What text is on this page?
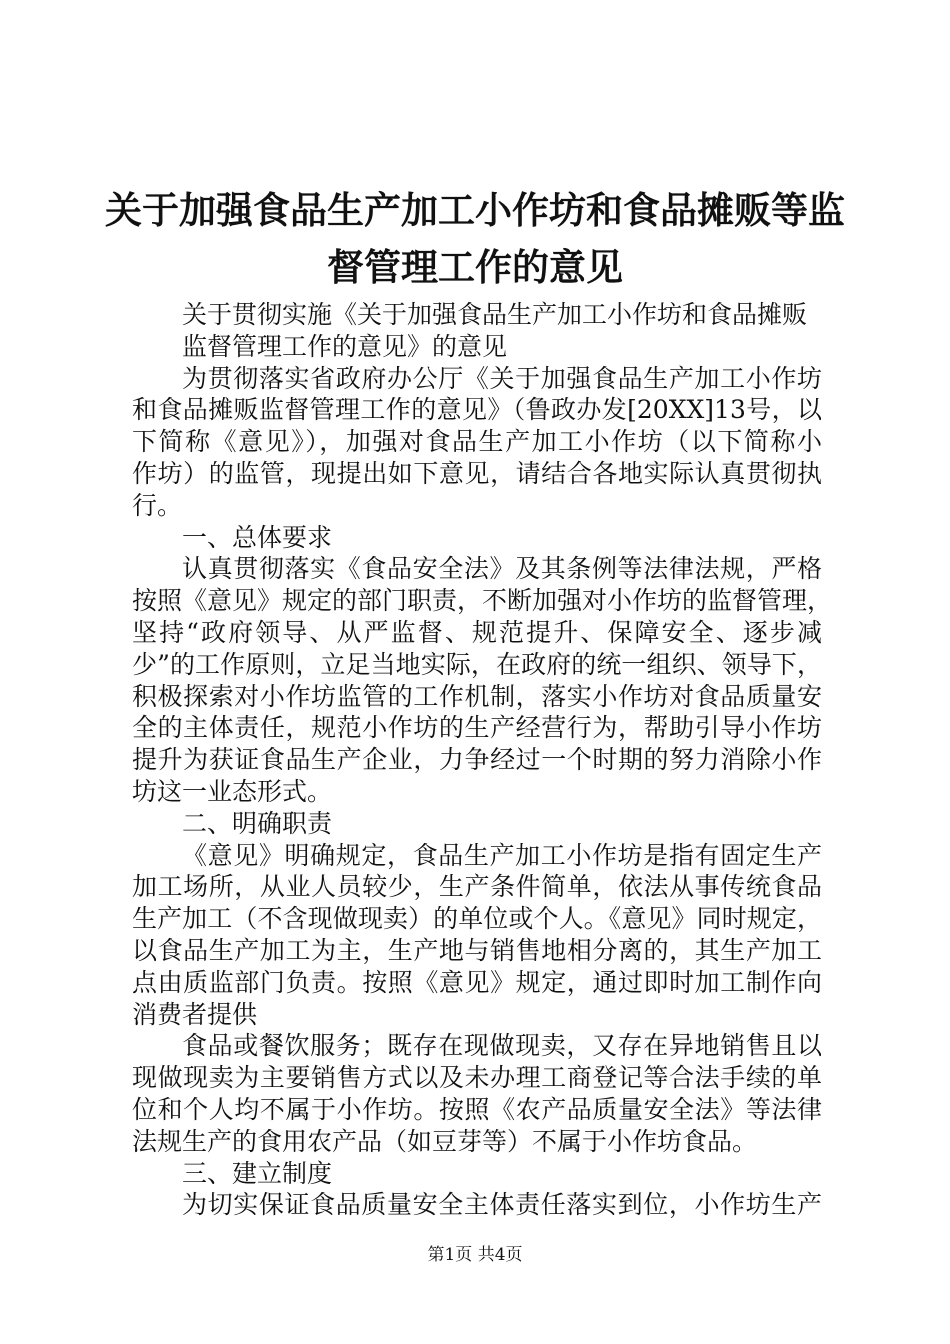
关于加强食品生产加工小作坊和食品摊贩等监
督管理工作的意见
关于贯彻实施《关于加强食品生产加工小作坊和食品摊贩
监督管理工作的意见》的意见
为贯彻落实省政府办公厅《关于加强食品生产加工小作坊
和食品摊贩监督管理工作的意见》（鲁政办发[20XX]13号，以
下简称《意见》），加强对食品生产加工小作坊（以下简称小
作坊）的监管，现提出如下意见，请结合各地实际认真贯彻执
行。
一、总体要求
认真贯彻落实《食品安全法》及其条例等法律法规，严格
按照《意见》规定的部门职责，不断加强对小作坊的监督管理，
坚持“政府领导、从严监督、规范提升、保障安全、逐步减
少”的工作原则，立足当地实际，在政府的统一组织、领导下，
积极探索对小作坊监管的工作机制，落实小作坊对食品质量安
全的主体责任，规范小作坊的生产经营行为，帮助引导小作坊
提升为获证食品生产企业，力争经过一个时期的努力消除小作
坊这一业态形式。
二、明确职责
《意见》明确规定，食品生产加工小作坊是指有固定生产
加工场所，从业人员较少，生产条件简单，依法从事传统食品
生产加工（不含现做现卖）的单位或个人。《意见》同时规定，
以食品生产加工为主，生产地与销售地相分离的，其生产加工
点由质监部门负责。按照《意见》规定，通过即时加工制作向
消费者提供
食品或餐饮服务；既存在现做现卖，又存在异地销售且以
现做现卖为主要销售方式以及未办理工商登记等合法手续的单
位和个人均不属于小作坊。按照《农产品质量安全法》等法律
法规生产的食用农产品（如豆芽等）不属于小作坊食品。
三、建立制度
为切实保证食品质量安全主体责任落实到位，小作坊生产
第1页 共4页
